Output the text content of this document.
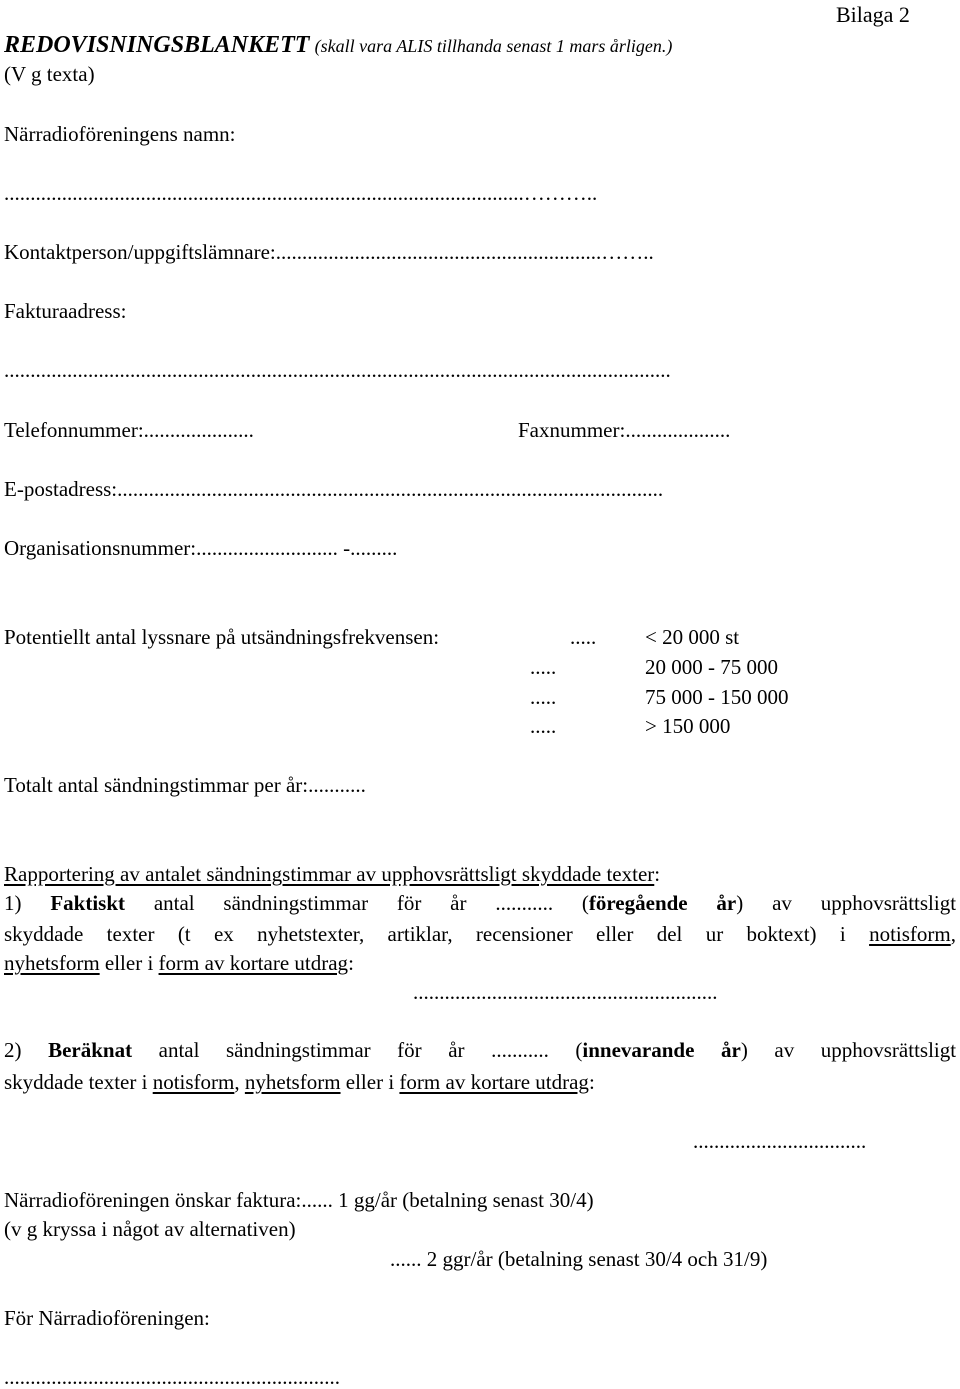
Bilaga 2
REDOVISNINGSBLANKETT (skall vara ALIS tillhanda senast 1 mars årligen.)
(V g texta)
Närradioföreningens namn:
...................................................................................................………..
Kontaktperson/uppgiftslämnare:..............................................................……..
Fakturaadress:
...............................................................................................................................
Telefonnummer:.....................	Faxnummer:....................
E-postadress:........................................................................................................
Organisationsnummer:........................... -.........
Potentiellt antal lyssnare på utsändningsfrekvensen:	..... < 20 000 st
.....	20 000 - 75 000
.....	75 000 - 150 000
.....	> 150 000
Totalt antal sändningstimmar per år:...........
Rapportering av antalet sändningstimmar av upphovsrättsligt skyddade texter:
1) Faktiskt antal sändningstimmar för år ........... (föregående år) av upphovsrättsligt
skyddade texter (t ex nyhetstexter, artiklar, recensioner eller del ur boktext) i notisform,
nyhetsform eller i form av kortare utdrag:
..........................................................
2) Beräknat antal sändningstimmar för år ........... (innevarande år) av upphovsrättsligt
skyddade texter i notisform, nyhetsform eller i form av kortare utdrag:
.................................
Närradioföreningen önskar faktura:...... 1 gg/år (betalning senast 30/4)
(v g kryssa i något av alternativen)
...... 2 ggr/år (betalning senast 30/4 och 31/9)
För Närradioföreningen:
................................................................
